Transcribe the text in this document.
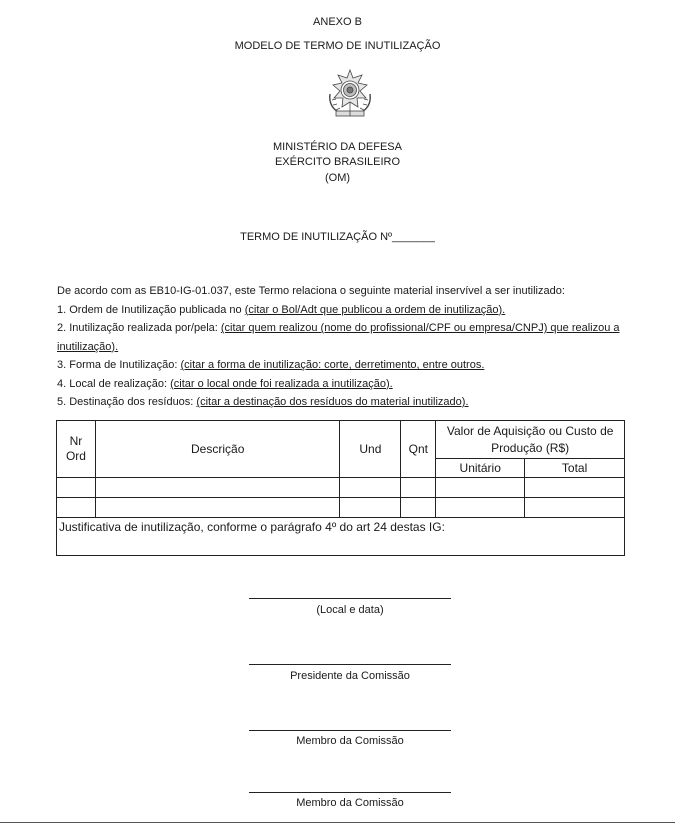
ANEXO B
MODELO DE TERMO DE INUTILIZAÇÃO
MINISTÉRIO DA DEFESA
EXÉRCITO BRASILEIRO
(OM)
TERMO DE INUTILIZAÇÃO Nº_______
De acordo com as EB10-IG-01.037, este Termo relaciona o seguinte material inservível a ser inutilizado:
1. Ordem de Inutilização publicada no (citar o Bol/Adt que publicou a ordem de inutilização).
2. Inutilização realizada por/pela: (citar quem realizou (nome do profissional/CPF ou empresa/CNPJ) que realizou a inutilização).
3. Forma de Inutilização: (citar a forma de inutilização: corte, derretimento, entre outros.
4. Local de realização: (citar o local onde foi realizada a inutilização).
5. Destinação dos resíduos: (citar a destinação dos resíduos do material inutilizado).
Nr Ord	Descrição	Und	Qnt	Valor de Aquisição ou Custo de Produção (R$)	
				Unitário	Total

Justificativa de inutilização, conforme o parágrafo 4º do art 24 destas IG:					
(Local e data)
Presidente da Comissão
Membro da Comissão
Membro da Comissão
